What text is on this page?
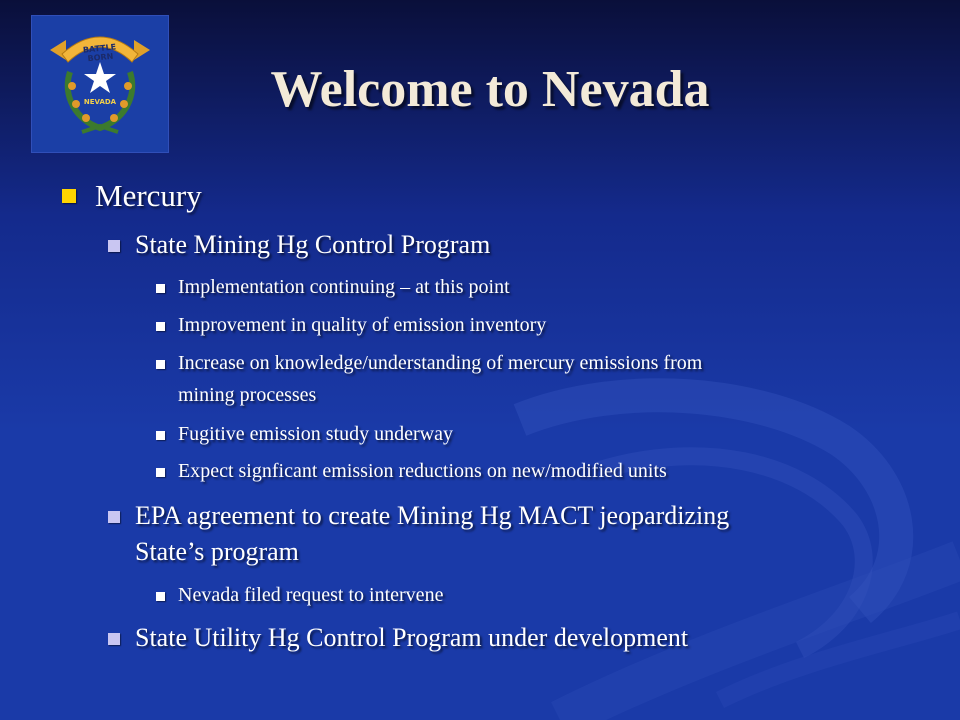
BATTLE BORN
NEVADA	Welcome to Nevada
Mercury
State Mining Hg Control Program
Implementation continuing – at this point
Improvement in quality of emission inventory
Increase on knowledge/understanding of mercury emissions from
mining processes
Fugitive emission study underway
Expect signficant emission reductions on new/modified units
EPA agreement to create Mining Hg MACT jeopardizing
State’s program
Nevada filed request to intervene
State Utility Hg Control Program under development
